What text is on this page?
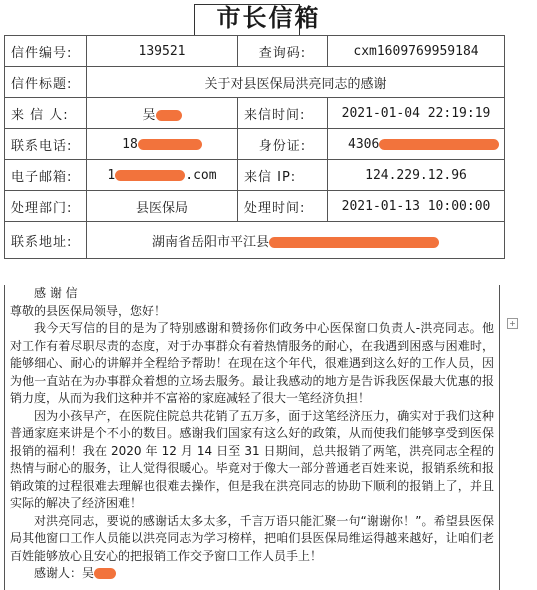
市长信箱
信件编号:	139521	查询码:	cxm1609769959184
信件标题:	关于对县医保局洪亮同志的感谢		
来 信 人:	吴	来信时间:	2021-01-04 22:19:19
联系电话:	18	身份证:	4306
电子邮箱:	1 .com	来信 IP:	124.229.12.96
处理部门:	县医保局	处理时间:	2021-01-13 10:00:00
联系地址:	湖南省岳阳市平江县		

感 谢 信

尊敬的县医保局领导，您好！

我今天写信的目的是为了特别感谢和赞扬你们政务中心医保窗口负责人-洪亮同志。他对工作有着尽职尽责的态度，对于办事群众有着热情服务的耐心，在我遇到困惑与困难时，能够细心、耐心的讲解并全程给予帮助！在现在这个年代，很难遇到这么好的工作人员，因为他一直站在为办事群众着想的立场去服务。最让我感动的地方是告诉我医保最大优惠的报销力度，从而为我们这种并不富裕的家庭减轻了很大一笔经济负担！

因为小孩早产，在医院住院总共花销了五万多，面于这笔经济压力，确实对于我们这种普通家庭来讲是个不小的数目。感谢我们国家有这么好的政策，从而使我们能够享受到医保报销的福利！我在 2020 年 12 月 14 日至 31 日期间，总共报销了两笔，洪亮同志全程的热情与耐心的服务，让人觉得很暖心。毕竟对于像大一部分普通老百姓来说，报销系统和报销政策的过程很难去理解也很难去操作，但是我在洪亮同志的协助下顺利的报销上了，并且实际的解决了经济困难！

对洪亮同志，要说的感谢话太多太多，千言万语只能汇聚一句“谢谢你！”。希望县医保局其他窗口工作人员能以洪亮同志为学习榜样，把咱们县医保局维运得越来越好，让咱们老百姓能够放心且安心的把报销工作交予窗口工作人员手上！

感谢人：吴

+
